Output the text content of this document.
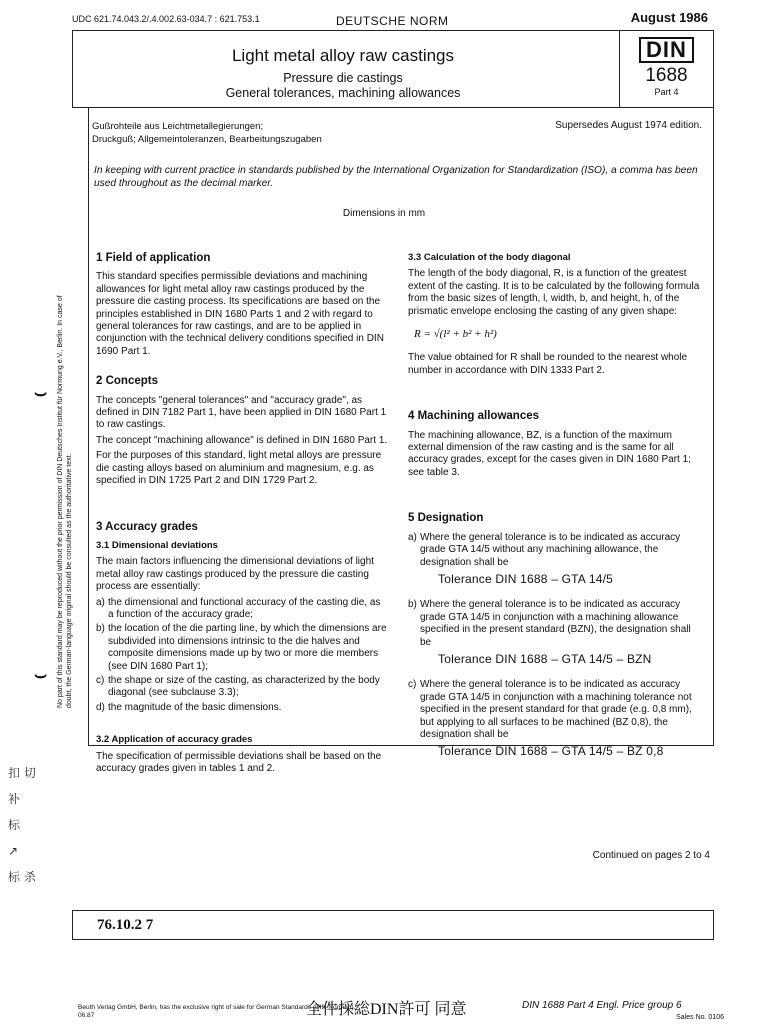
UDC 621.74.043.2/.4.002.63-034.7 : 621.753.1	DEUTSCHE NORM	August 1986
Light metal alloy raw castings
Pressure die castings
General tolerances, machining allowances
DIN
1688
Part 4
Gußrohteile aus Leichtmetallegierungen;
Druckguß; Allgemeintoleranzen, Bearbeitungszugaben
Supersedes August 1974 edition.
In keeping with current practice in standards published by the International Organization for Standardization (ISO), a comma has been used throughout as the decimal marker.
Dimensions in mm
1 Field of application

This standard specifies permissible deviations and machining allowances for light metal alloy raw castings produced by the pressure die casting process. Its specifications are based on the principles established in DIN 1680 Parts 1 and 2 with regard to general tolerances for raw castings, and are to be applied in conjunction with the technical delivery conditions specified in DIN 1690 Part 1.

2 Concepts

The concepts "general tolerances" and "accuracy grade", as defined in DIN 7182 Part 1, have been applied in DIN 1680 Part 1 to raw castings.

The concept "machining allowance" is defined in DIN 1680 Part 1.

For the purposes of this standard, light metal alloys are pressure die casting alloys based on aluminium and magnesium, e.g. as specified in DIN 1725 Part 2 and DIN 1729 Part 2.

3 Accuracy grades
3.1 Dimensional deviations

The main factors influencing the dimensional deviations of light metal alloy raw castings produced by the pressure die casting process are essentially:

a) the dimensional and functional accuracy of the casting die, as a function of the accuracy grade;
b) the location of the die parting line, by which the dimensions are subdivided into dimensions intrinsic to the die halves and composite dimensions made up by two or more die members (see DIN 1680 Part 1);
c) the shape or size of the casting, as characterized by the body diagonal (see subclause 3.3);
d) the magnitude of the basic dimensions.
3.2 Application of accuracy grades

The specification of permissible deviations shall be based on the accuracy grades given in tables 1 and 2.

3.3 Calculation of the body diagonal

The length of the body diagonal, R, is a function of the greatest extent of the casting. It is to be calculated by the following formula from the basic sizes of length, l, width, b, and height, h, of the prismatic envelope enclosing the casting of any given shape:

R = √(l² + b² + h²)

The value obtained for R shall be rounded to the nearest whole number in accordance with DIN 1333 Part 2.

4 Machining allowances

The machining allowance, BZ, is a function of the maximum external dimension of the raw casting and is the same for all accuracy grades, except for the cases given in DIN 1680 Part 1; see table 3.

5 Designation
a) Where the general tolerance is to be indicated as accuracy grade GTA 14/5 without any machining allowance, the designation shall be
Tolerance DIN 1688 – GTA 14/5
b) Where the general tolerance is to be indicated as accuracy grade GTA 14/5 in conjunction with a machining allowance specified in the present standard (BZN), the designation shall be
Tolerance DIN 1688 – GTA 14/5 – BZN
c) Where the general tolerance is to be indicated as accuracy grade GTA 14/5 in conjunction with a machining tolerance not specified in the present standard for that grade (e.g. 0,8 mm), but applying to all surfaces to be machined (BZ 0,8), the designation shall be
Tolerance DIN 1688 – GTA 14/5 – BZ 0,8
Continued on pages 2 to 4
No part of this standard may be reproduced without the prior permission of DIN Deutsches Institut für Normung e.V., Berlin. In case of doubt, the German-language original should be consulted as the authoritative text.
⌣
⌣
扣 切
补
标
↗
标 杀
76.10.2 7
Beuth Verlag GmbH, Berlin, has the exclusive right of sale for German Standards (DIN-Normen).
06.87	全件採総DIN許可 同意	DIN 1688 Part 4 Engl. Price group 6
Sales No. 0106
